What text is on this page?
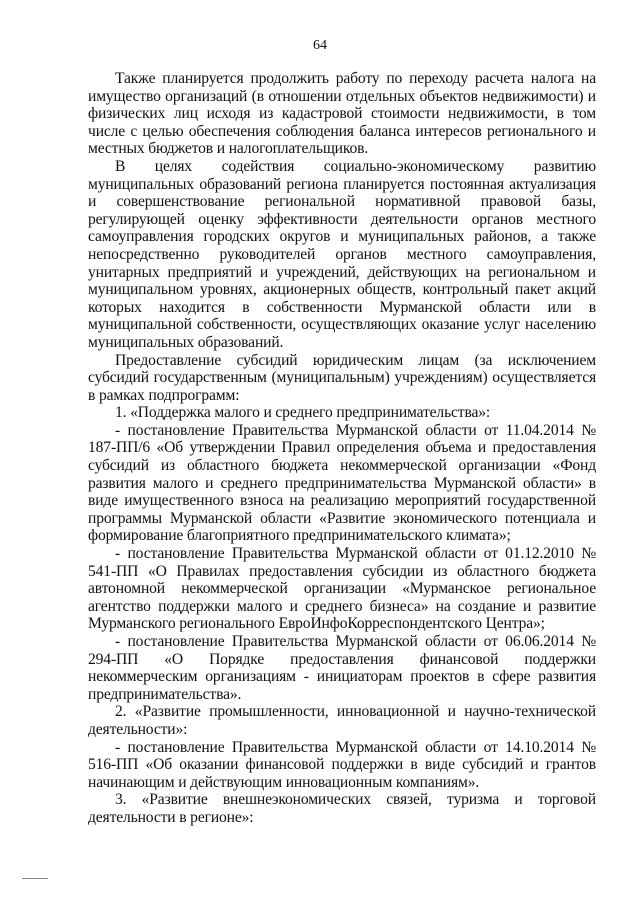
64

Также планируется продолжить работу по переходу расчета налога на имущество организаций (в отношении отдельных объектов недвижимости) и физических лиц исходя из кадастровой стоимости недвижимости, в том числе с целью обеспечения соблюдения баланса интересов регионального и местных бюджетов и налогоплательщиков.

В целях содействия социально-экономическому развитию муниципальных образований региона планируется постоянная актуализация и совершенствование региональной нормативной правовой базы, регулирующей оценку эффективности деятельности органов местного самоуправления городских округов и муниципальных районов, а также непосредственно руководителей органов местного самоуправления, унитарных предприятий и учреждений, действующих на региональном и муниципальном уровнях, акционерных обществ, контрольный пакет акций которых находится в собственности Мурманской области или в муниципальной собственности, осуществляющих оказание услуг населению муниципальных образований.

Предоставление субсидий юридическим лицам (за исключением субсидий государственным (муниципальным) учреждениям) осуществляется в рамках подпрограмм:

1. «Поддержка малого и среднего предпринимательства»:

- постановление Правительства Мурманской области от 11.04.2014 № 187-ПП/6 «Об утверждении Правил определения объема и предоставления субсидий из областного бюджета некоммерческой организации «Фонд развития малого и среднего предпринимательства Мурманской области» в виде имущественного взноса на реализацию мероприятий государственной программы Мурманской области «Развитие экономического потенциала и формирование благоприятного предпринимательского климата»;

- постановление Правительства Мурманской области от 01.12.2010 № 541-ПП «О Правилах предоставления субсидии из областного бюджета автономной некоммерческой организации «Мурманское региональное агентство поддержки малого и среднего бизнеса» на создание и развитие Мурманского регионального ЕвроИнфоКорреспондентского Центра»;

- постановление Правительства Мурманской области от 06.06.2014 № 294-ПП «О Порядке предоставления финансовой поддержки некоммерческим организациям - инициаторам проектов в сфере развития предпринимательства».

2. «Развитие промышленности, инновационной и научно-технической деятельности»:

- постановление Правительства Мурманской области от 14.10.2014 № 516-ПП «Об оказании финансовой поддержки в виде субсидий и грантов начинающим и действующим инновационным компаниям».

3. «Развитие внешнеэкономических связей, туризма и торговой деятельности в регионе»:
